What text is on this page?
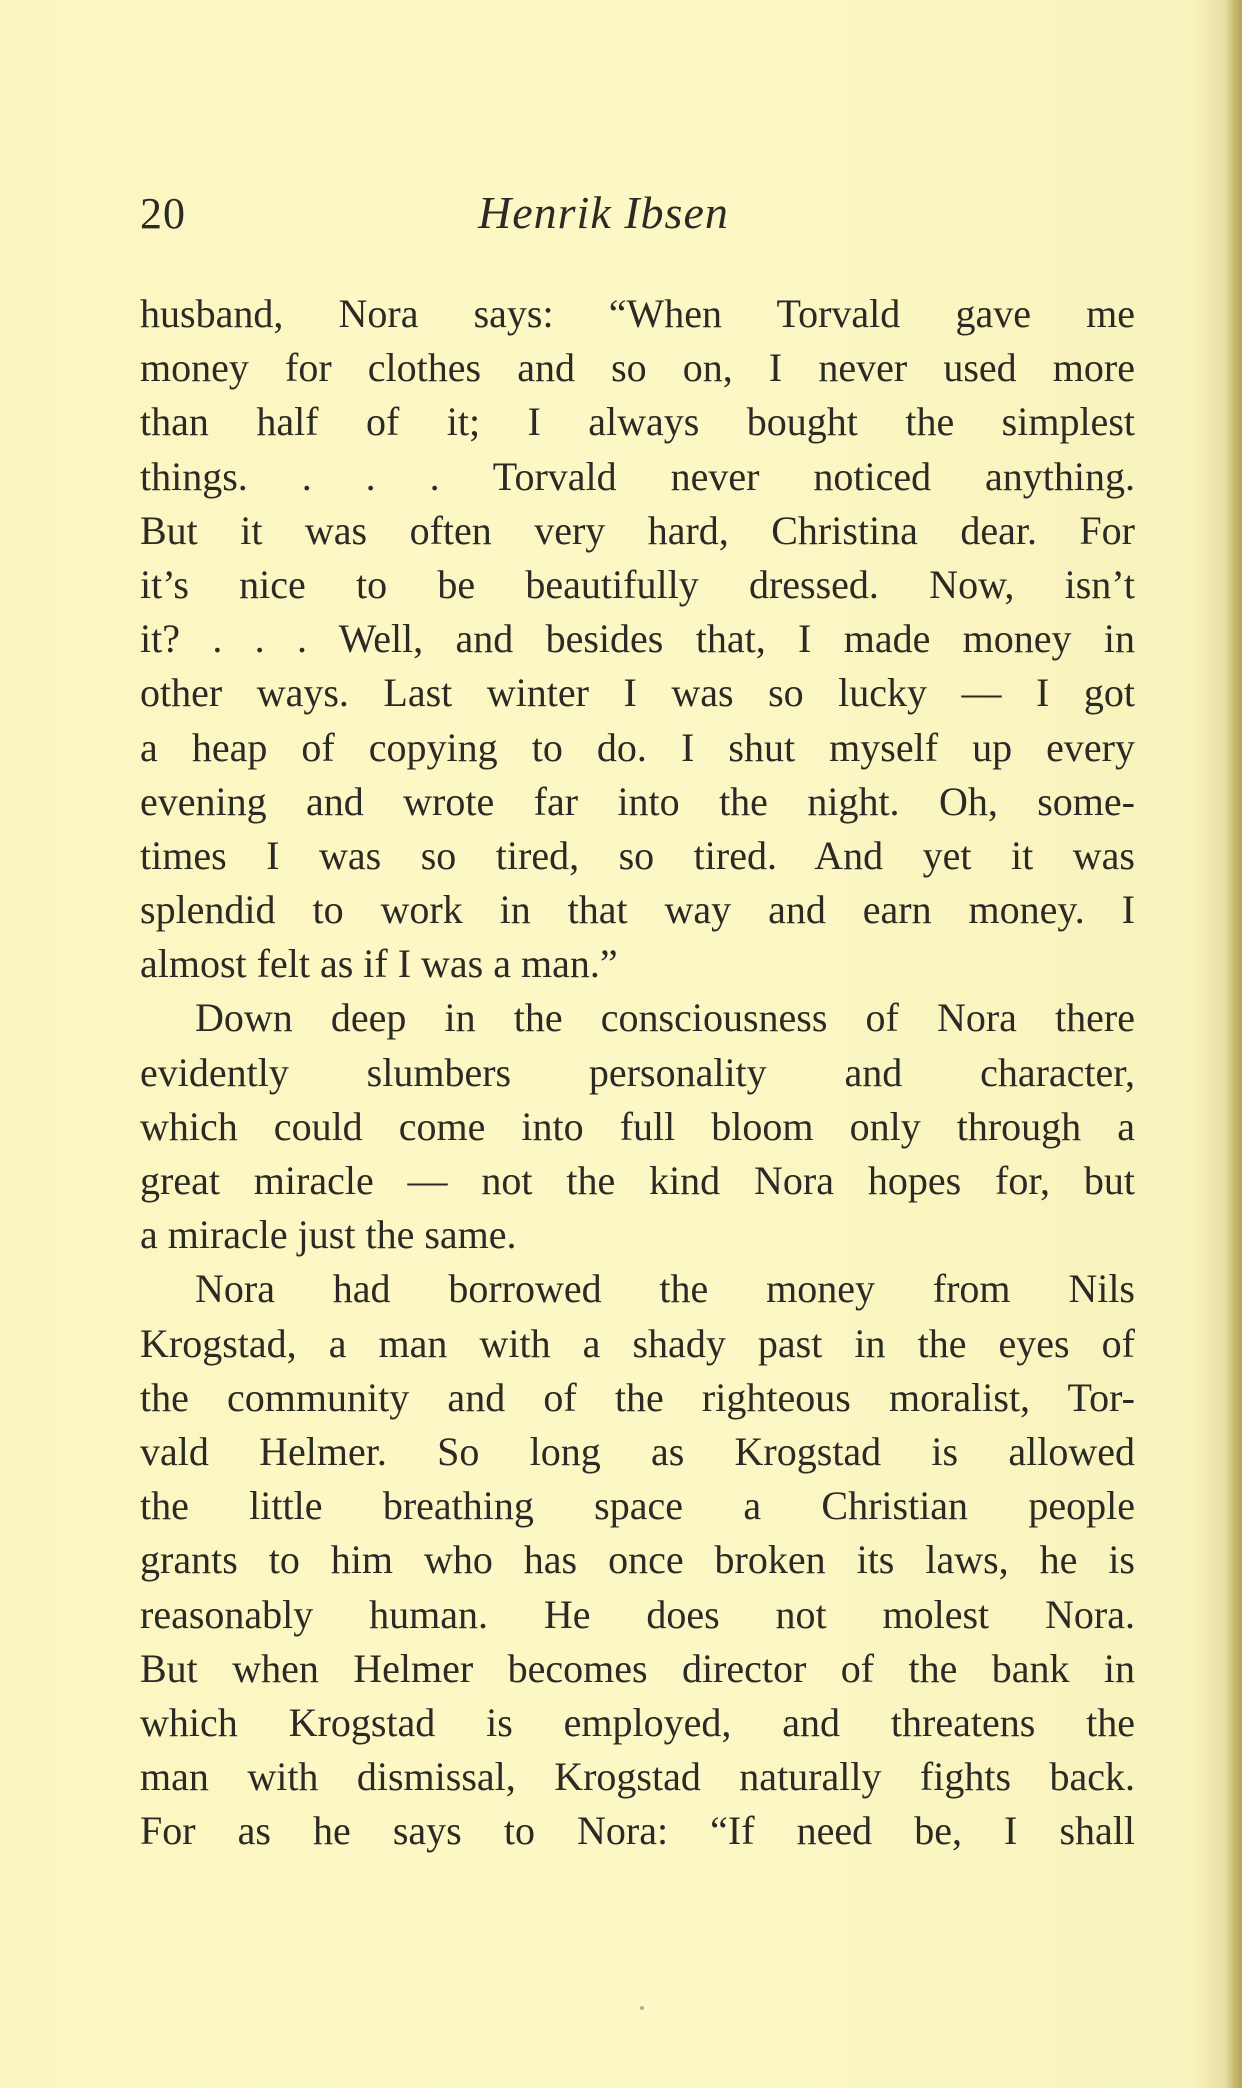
20	Henrik Ibsen
husband, Nora says: “When Torvald gave me
money for clothes and so on, I never used more
than half of it; I always bought the simplest
things. . . . Torvald never noticed anything.
But it was often very hard, Christina dear. For
it’s nice to be beautifully dressed. Now, isn’t
it? . . . Well, and besides that, I made money in
other ways. Last winter I was so lucky — I got
a heap of copying to do. I shut myself up every
evening and wrote far into the night. Oh, some-
times I was so tired, so tired. And yet it was
splendid to work in that way and earn money. I
almost felt as if I was a man.”
Down deep in the consciousness of Nora there
evidently slumbers personality and character,
which could come into full bloom only through a
great miracle — not the kind Nora hopes for, but
a miracle just the same.
Nora had borrowed the money from Nils
Krogstad, a man with a shady past in the eyes of
the community and of the righteous moralist, Tor-
vald Helmer. So long as Krogstad is allowed
the little breathing space a Christian people
grants to him who has once broken its laws, he is
reasonably human. He does not molest Nora.
But when Helmer becomes director of the bank in
which Krogstad is employed, and threatens the
man with dismissal, Krogstad naturally fights back.
For as he says to Nora: “If need be, I shall
